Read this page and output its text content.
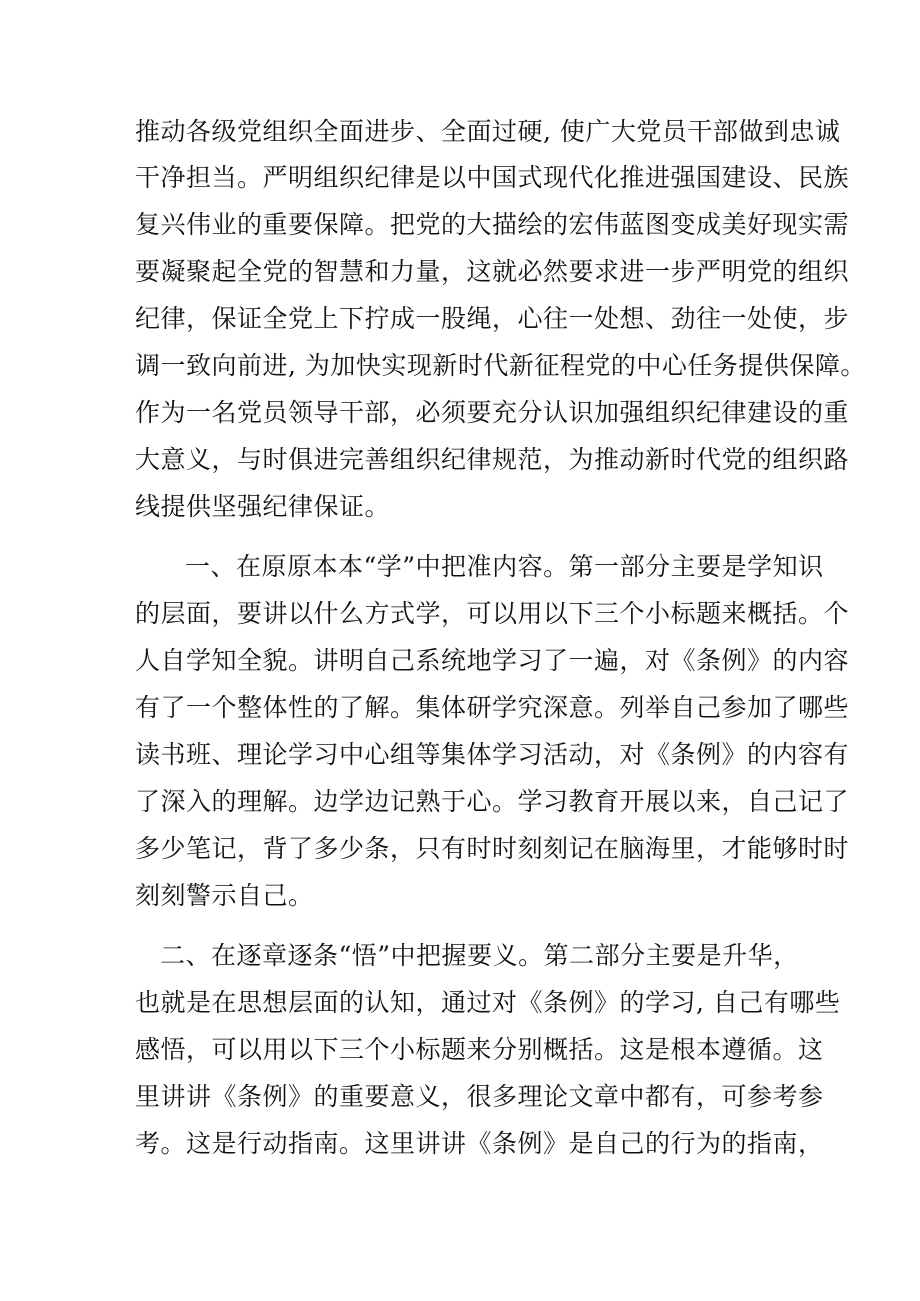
推动各级党组织全面进步、全面过硬, 使广大党员干部做到忠诚
干净担当。严明组织纪律是以中国式现代化推进强国建设、民族
复兴伟业的重要保障。把党的大描绘的宏伟蓝图变成美好现实需
要凝聚起全党的智慧和力量，这就必然要求进一步严明党的组织
纪律，保证全党上下拧成一股绳，心往一处想、劲往一处使，步
调一致向前进, 为加快实现新时代新征程党的中心任务提供保障。
作为一名党员领导干部，必须要充分认识加强组织纪律建设的重
大意义，与时俱进完善组织纪律规范，为推动新时代党的组织路
线提供坚强纪律保证。
一、在原原本本“学”中把准内容。第一部分主要是学知识
的层面，要讲以什么方式学，可以用以下三个小标题来概括。个
人自学知全貌。讲明自己系统地学习了一遍，对《条例》的内容
有了一个整体性的了解。集体研学究深意。列举自己参加了哪些
读书班、理论学习中心组等集体学习活动，对《条例》的内容有
了深入的理解。边学边记熟于心。学习教育开展以来，自己记了
多少笔记，背了多少条，只有时时刻刻记在脑海里，才能够时时
刻刻警示自己。
二、在逐章逐条“悟”中把握要义。第二部分主要是升华，
也就是在思想层面的认知，通过对《条例》的学习, 自己有哪些
感悟，可以用以下三个小标题来分别概括。这是根本遵循。这
里讲讲《条例》的重要意义，很多理论文章中都有，可参考参
考。这是行动指南。这里讲讲《条例》是自己的行为的指南，
